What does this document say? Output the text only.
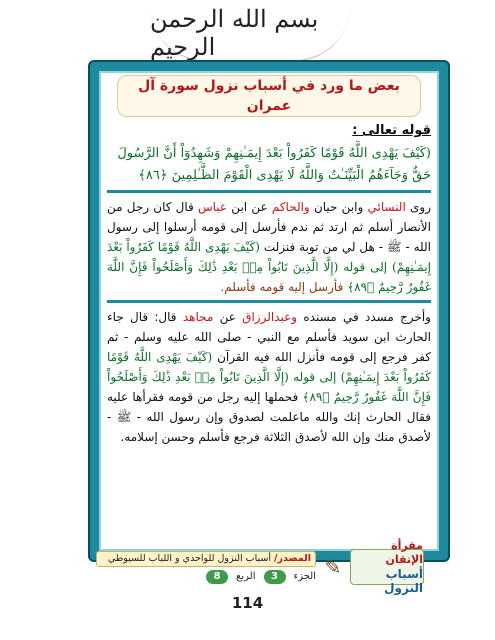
بسم الله الرحمن الرحيم
بعض ما ورد في أسباب نزول سورة آل عمران
قوله تعالى :
(كَيْفَ يَهْدِى اللَّهُ قَوْمًا كَفَرُواْ بَعْدَ إِيمَـٰنِهِمْ وَشَهِدُوٓاْ أَنَّ الرَّسُولَ حَقٌّ وَجَآءَهُمُ الْبَيِّنَـٰتُ وَاللَّهُ لَا يَهْدِى الْقَوْمَ الظَّـٰلِمِينَ ﴿٨٦﴾
روى النسائي وابن حيان والحاكم عن ابن عباس قال كان رجل من الأنصار أسلم ثم ارتد ثم ندم فأرسل إلى قومه أرسلوا إلى رسول الله - ﷺ - هل لي من توبة فنزلت (كَيْفَ يَهْدِى اللَّهُ قَوْمًا كَفَرُواْ بَعْدَ إِيمَـٰنِهِمْ) إلى قوله (إِلَّا الَّذِينَ تَابُواْ مِنۢ بَعْدِ ذَٰلِكَ وَأَصْلَحُواْ فَإِنَّ اللَّهَ غَفُورٌ رَّحِيمٌ ﴿٨٩﴾ فأرسل إليه قومه فأسلم.
وأخرج مسدد في مسنده وعبدالرزاق عن مجاهد قال: قال جاء الحارث ابن سويد فأسلم مع النبي - صلى الله عليه وسلم - ثم كفر فرجع إلى قومه فأنزل الله فيه القرآن (كَيْفَ يَهْدِى اللَّهُ قَوْمًا كَفَرُواْ بَعْدَ إِيمَـٰنِهِمْ) إلى قوله (إِلَّا الَّذِينَ تَابُواْ مِنۢ بَعْدِ ذَٰلِكَ وَأَصْلَحُواْ فَإِنَّ اللَّهَ غَفُورٌ رَّحِيمٌ ﴿٨٩﴾ فحملها إليه رجل من قومه فقرأها عليه فقال الحارث إنك والله ماعلمت لصدوق وإن رسول الله - ﷺ - لأصدق منك وإن الله لأصدق الثلاثة فرجع فأسلم وحسن إسلامه.
مقرأة الإتقان
أسباب النزول
✎
المصدر/ أسباب النزول للواحدي و اللباب للسيوطي
الجزء
3
الربع
8
114
